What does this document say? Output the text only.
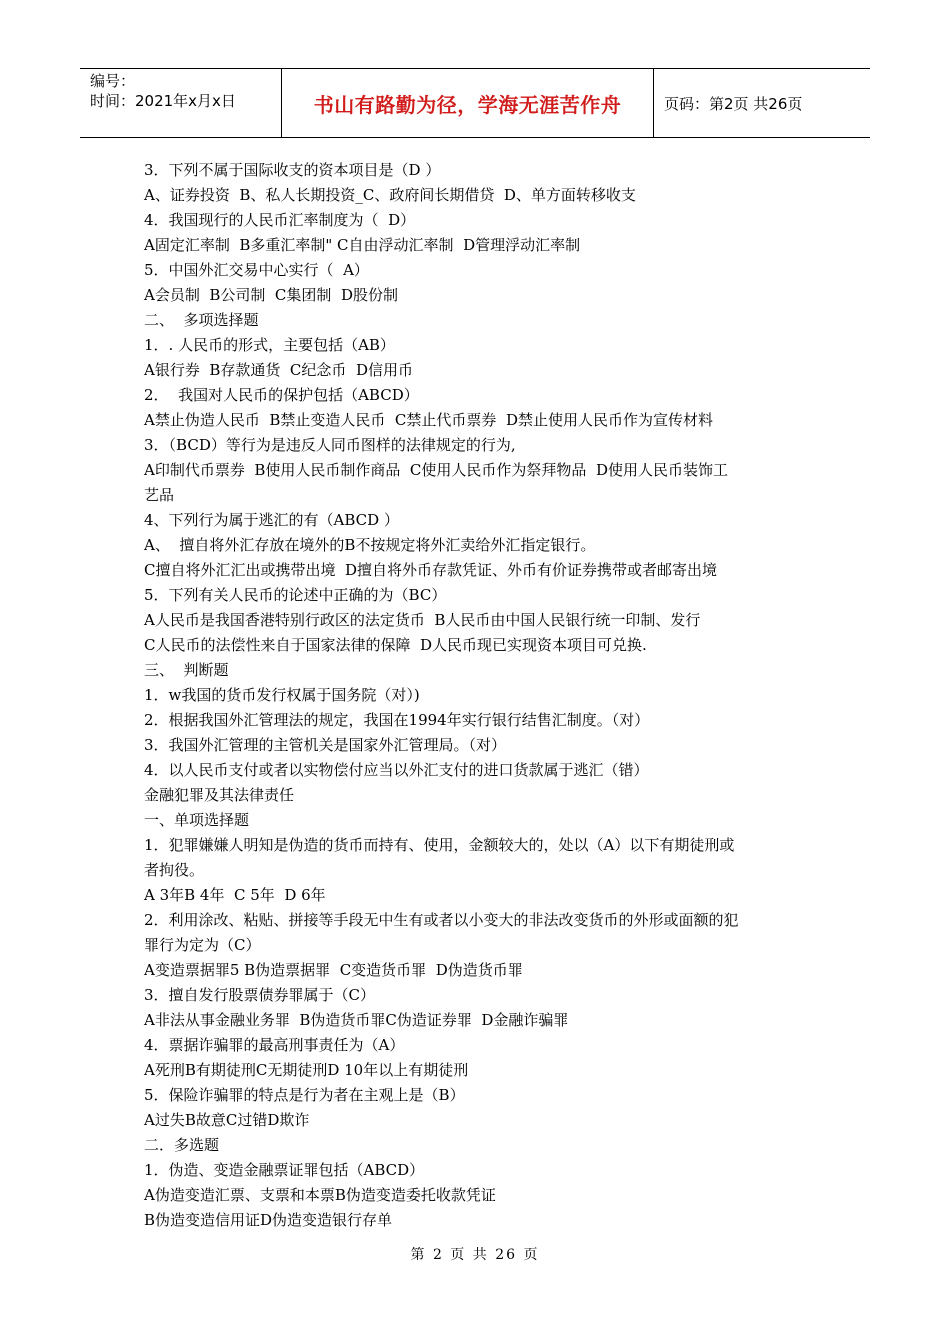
编号：
时间：2021年x月x日	书山有路勤为径，学海无涯苦作舟	页码：第2页 共26页
3．下列不属于国际收支的资本项目是（D ）
A、证券投资  B、私人长期投资_C、政府间长期借贷  D、单方面转移收支
4．我国现行的人民币汇率制度为（  D）
A固定汇率制  B多重汇率制" C自由浮动汇率制  D管理浮动汇率制
5．中国外汇交易中心实行（  A）
A会员制  B公司制  C集团制  D股份制
二、  多项选择题
1．. 人民币的形式，主要包括（AB）
A银行券  B存款通货  C纪念币  D信用币
2．  我国对人民币的保护包括（ABCD）
A禁止伪造人民币  B禁止变造人民币  C禁止代币票券  D禁止使用人民币作为宣传材料
3．（BCD）等行为是违反人同币图样的法律规定的行为,
A印制代币票券  B使用人民币制作商品  C使用人民币作为祭拜物品  D使用人民币装饰工
艺品
4、下列行为属于逃汇的有（ABCD ）
A、  擅自将外汇存放在境外的B不按规定将外汇卖给外汇指定银行。
C擅自将外汇汇出或携带出境  D擅自将外币存款凭证、外币有价证券携带或者邮寄出境
5．下列有关人民币的论述中正确的为（BC）
A人民币是我国香港特别行政区的法定货币  B人民币由中国人民银行统一印制、发行
C人民币的法偿性来自于国家法律的保障  D人民币现已实现资本项目可兑换.
三、  判断题
1．w我国的货币发行权属于国务院（对）)
2．根据我国外汇管理法的规定，我国在1994年实行银行结售汇制度。（对）
3．我国外汇管理的主管机关是国家外汇管理局。（对）
4．以人民币支付或者以实物偿付应当以外汇支付的进口货款属于逃汇（错）
金融犯罪及其法律责任
一、单项选择题
1．犯罪嫌嫌人明知是伪造的货币而持有、使用，金额较大的，处以（A）以下有期徒刑或
者拘役。
A 3年B 4年  C 5年  D 6年
2．利用涂改、粘贴、拼接等手段无中生有或者以小变大的非法改变货币的外形或面额的犯
罪行为定为（C）
A变造票据罪5 B伪造票据罪  C变造货币罪  D伪造货币罪
3．擅自发行股票债券罪属于（C）
A非法从事金融业务罪  B伪造货币罪C伪造证券罪  D金融诈骗罪
4．票据诈骗罪的最高刑事责任为（A）
A死刑B有期徒刑C无期徒刑D 10年以上有期徒刑
5．保险诈骗罪的特点是行为者在主观上是（B）
A过失B故意C过错D欺诈
二．多选题
1．伪造、变造金融票证罪包括（ABCD）
A伪造变造汇票、支票和本票B伪造变造委托收款凭证
B伪造变造信用证D伪造变造银行存单
第 2 页 共 26 页
